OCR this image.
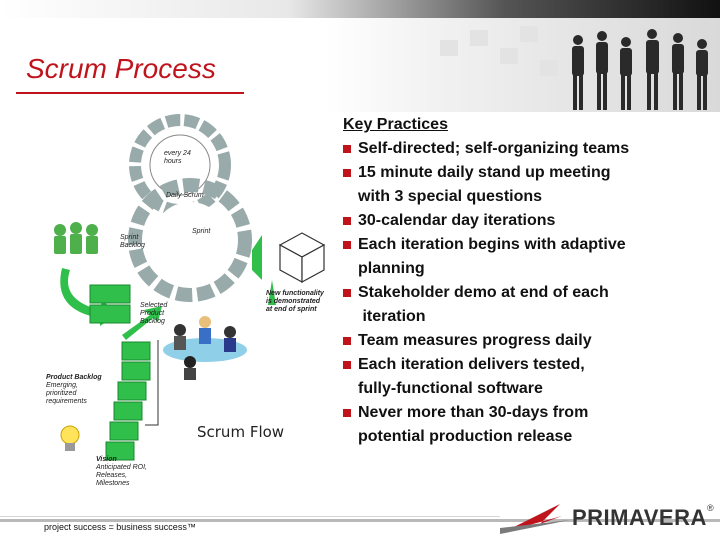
Scrum Process
every 24 hours
Daily Scrum
Sprint
Sprint Backlog
Selected Product Backlog
New functionality is demonstrated at end of sprint
Product Backlog
Emerging, prioritized requirements
Vision
Anticipated ROI, Releases, Milestones
Scrum Flow
Key Practices
Self-directed; self-organizing teams
15 minute daily stand up meeting
with 3 special questions
30-calendar day iterations
Each iteration begins with adaptive
planning
Stakeholder demo at end of each
iteration
Team measures progress daily
Each iteration delivers tested,
fully-functional software
Never more than 30-days from
potential production release
project success = business success™	PRIMAVERA ®
